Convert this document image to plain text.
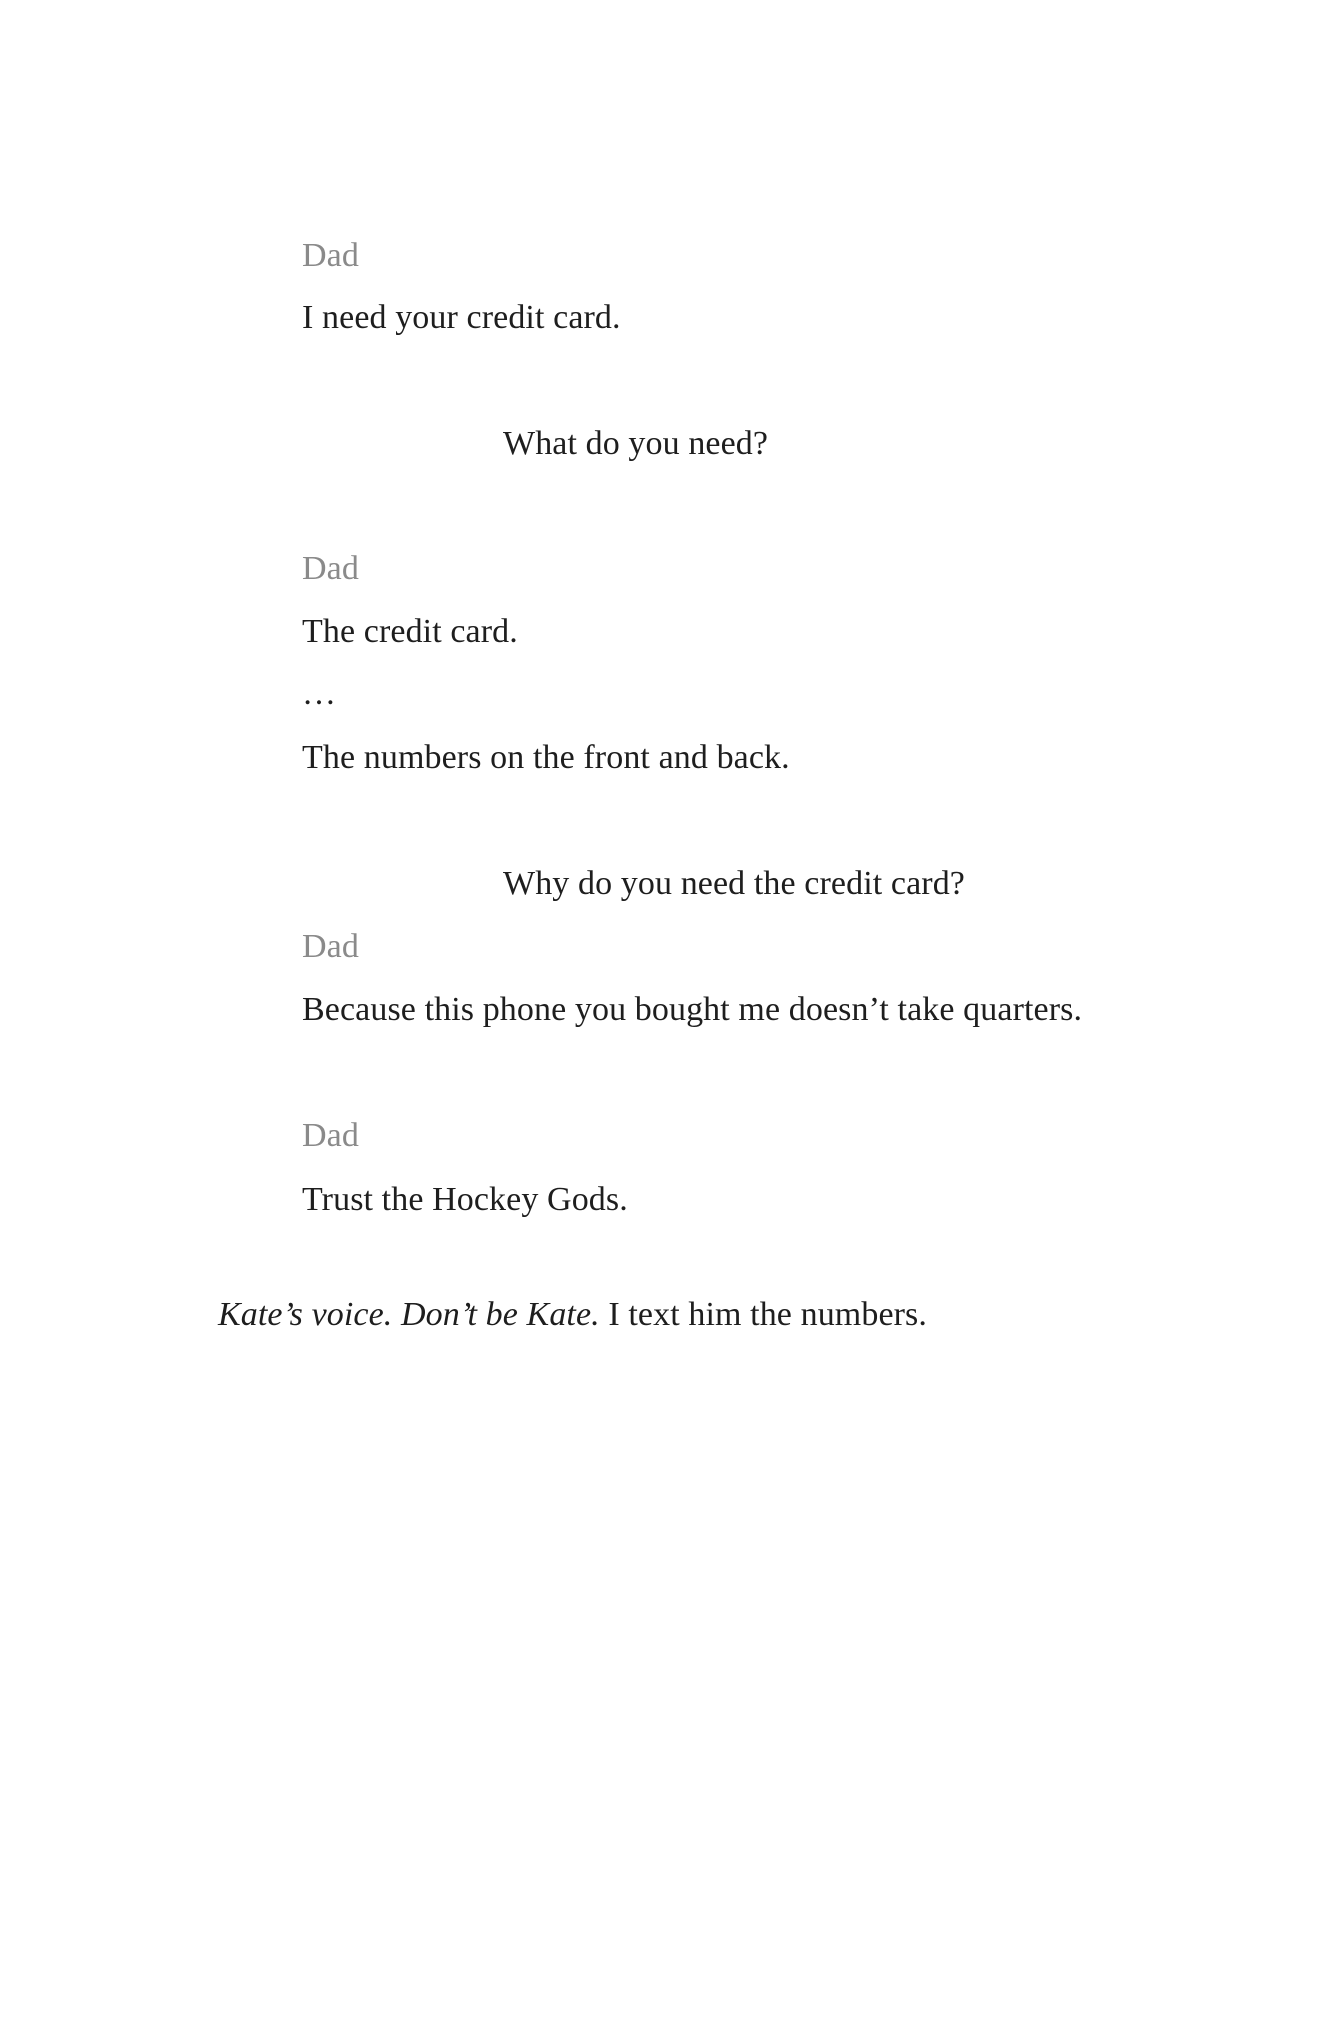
Dad
I need your credit card.
What do you need?
Dad
The credit card.
…
The numbers on the front and back.
Why do you need the credit card?
Dad
Because this phone you bought me doesn’t take quarters.
Dad
Trust the Hockey Gods.
Kate’s voice. Don’t be Kate. I text him the numbers.
